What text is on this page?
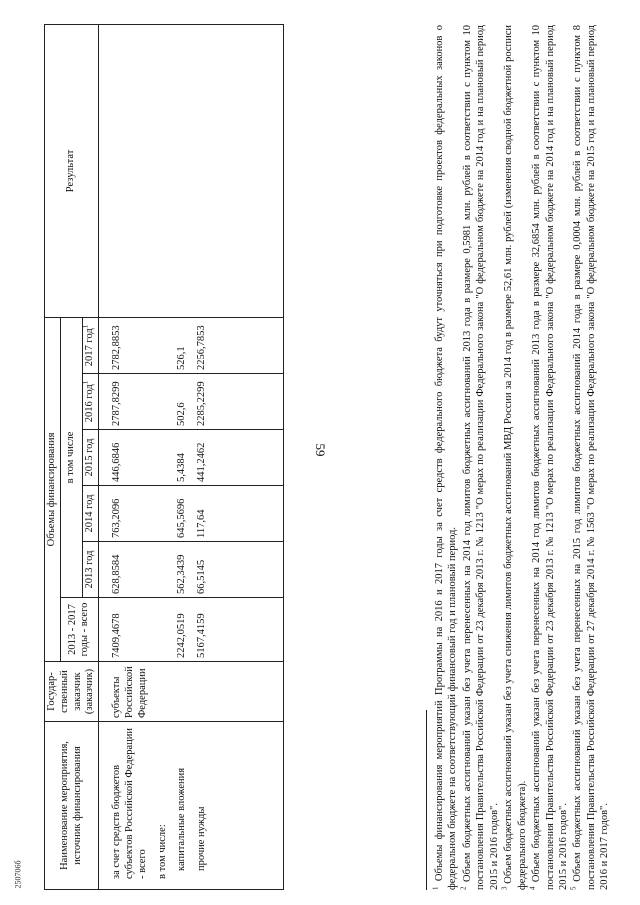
59
250706б
Наименование мероприятия, источник финансирования	Государ-ственный заказчик (заказчик)	Объемы финансирования						Результат
		2013 - 2017 годы - всего	в том числе					
			2013 год	2014 год	2015 год	2016 год$^1$	2017 год$^1$
за счет средств бюджетов субъектов Российской Федерации - всего	субъекты Российской Федерации	7409,4678	628,8584	763,2096	446,6846	2787,8299	2782,8853	
в том числе:								
капитальные вложения		2242,0519	562,3439	645,5696	5,4384	502,6	526,1	
прочие нужды		5167,4159	66,5145	117,64	441,2462	2285,2299	2256,7853	

$^1$ Объемы финансирования мероприятий Программы на 2016 и 2017 годы за счет средств федерального бюджета будут уточняться при подготовке проектов федеральных законов о федеральном бюджете на соответствующий финансовый год и плановый период. $^2$ Объем бюджетных ассигнований указан без учета перенесенных на 2014 год лимитов бюджетных ассигнований 2013 года в размере 0,5981 млн. рублей в соответствии с пунктом 10 постановления Правительства Российской Федерации от 23 декабря 2013 г. № 1213 "О мерах по реализации Федерального закона "О федеральном бюджете на 2014 год и на плановый период 2015 и 2016 годов". $^3$ Объем бюджетных ассигнований указан без учета снижения лимитов бюджетных ассигнований МВД России за 2014 год в размере 52,61 млн. рублей (изменения сводной бюджетной росписи федерального бюджета). $^4$ Объем бюджетных ассигнований указан без учета перенесенных на 2014 год лимитов бюджетных ассигнований 2013 года в размере 32,6854 млн. рублей в соответствии с пунктом 10 постановления Правительства Российской Федерации от 23 декабря 2013 г. № 1213 "О мерах по реализации Федерального закона "О федеральном бюджете на 2014 год и на плановый период 2015 и 2016 годов". $^5$ Объем бюджетных ассигнований указан без учета перенесенных на 2015 год лимитов бюджетных ассигнований 2014 года в размере 0,0004 млн. рублей в соответствии с пунктом 8 постановления Правительства Российской Федерации от 27 декабря 2014 г. № 1563 "О мерах по реализации Федерального закона "О федеральном бюджете на 2015 год и на плановый период 2016 и 2017 годов".
